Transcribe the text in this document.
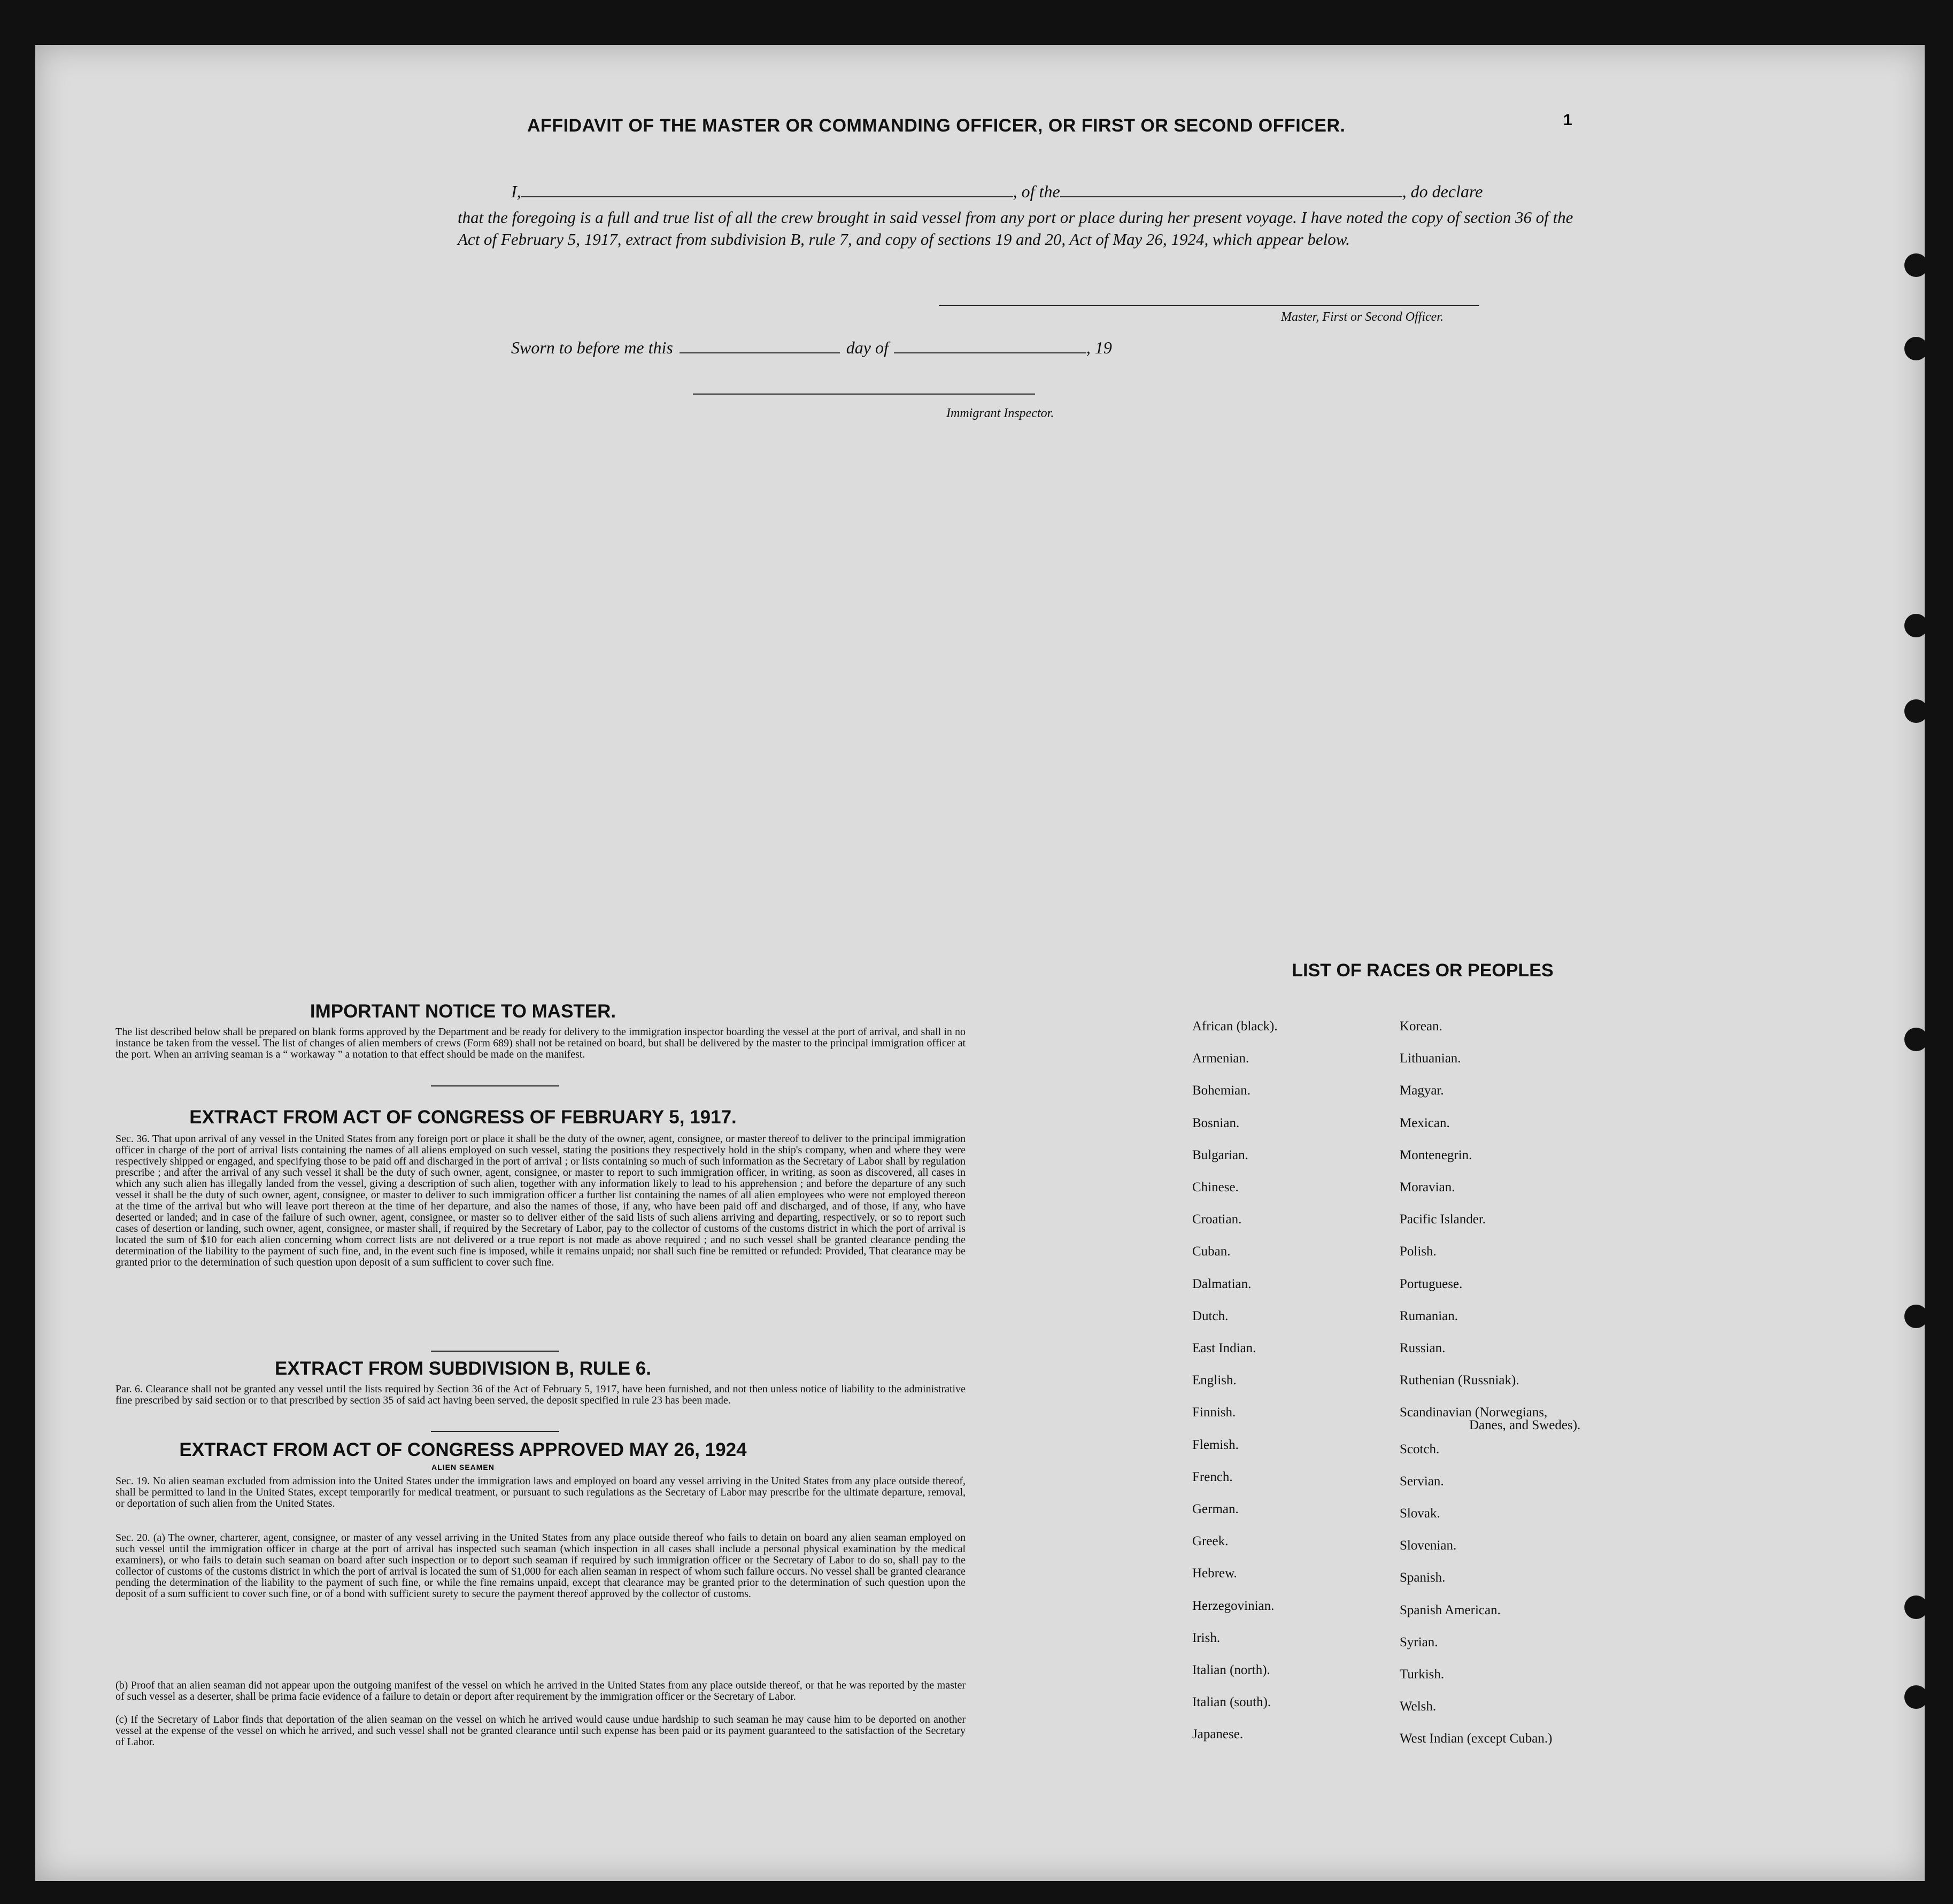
AFFIDAVIT OF THE MASTER OR COMMANDING OFFICER, OR FIRST OR SECOND OFFICER.	1
I,	, of the	, do declare
that the foregoing is a full and true list of all the crew brought in said vessel from any port or place during her present voyage. I have noted the copy of section 36 of the Act of February 5, 1917, extract from subdivision B, rule 7, and copy of sections 19 and 20, Act of May 26, 1924, which appear below.
Master, First or Second Officer.
Sworn to before me this	day of	, 19
Immigrant Inspector.
IMPORTANT NOTICE TO MASTER.
The list described below shall be prepared on blank forms approved by the Department and be ready for delivery to the immigration inspector boarding the vessel at the port of arrival, and shall in no instance be taken from the vessel. The list of changes of alien members of crews (Form 689) shall not be retained on board, but shall be delivered by the master to the principal immigration officer at the port. When an arriving seaman is a “ workaway ” a notation to that effect should be made on the manifest.
EXTRACT FROM ACT OF CONGRESS OF FEBRUARY 5, 1917.
Sec. 36. That upon arrival of any vessel in the United States from any foreign port or place it shall be the duty of the owner, agent, consignee, or master thereof to deliver to the principal immigration officer in charge of the port of arrival lists containing the names of all aliens employed on such vessel, stating the positions they respectively hold in the ship's company, when and where they were respectively shipped or engaged, and specifying those to be paid off and discharged in the port of arrival ; or lists containing so much of such information as the Secretary of Labor shall by regulation prescribe ; and after the arrival of any such vessel it shall be the duty of such owner, agent, consignee, or master to report to such immigration officer, in writing, as soon as discovered, all cases in which any such alien has illegally landed from the vessel, giving a description of such alien, together with any information likely to lead to his apprehension ; and before the departure of any such vessel it shall be the duty of such owner, agent, consignee, or master to deliver to such immigration officer a further list containing the names of all alien employees who were not employed thereon at the time of the arrival but who will leave port thereon at the time of her departure, and also the names of those, if any, who have been paid off and discharged, and of those, if any, who have deserted or landed; and in case of the failure of such owner, agent, consignee, or master so to deliver either of the said lists of such aliens arriving and departing, respectively, or so to report such cases of desertion or landing, such owner, agent, consignee, or master shall, if required by the Secretary of Labor, pay to the collector of customs of the customs district in which the port of arrival is located the sum of $10 for each alien concerning whom correct lists are not delivered or a true report is not made as above required ; and no such vessel shall be granted clearance pending the determination of the liability to the payment of such fine, and, in the event such fine is imposed, while it remains unpaid; nor shall such fine be remitted or refunded: Provided, That clearance may be granted prior to the determination of such question upon deposit of a sum sufficient to cover such fine.
EXTRACT FROM SUBDIVISION B, RULE 6.
Par. 6. Clearance shall not be granted any vessel until the lists required by Section 36 of the Act of February 5, 1917, have been furnished, and not then unless notice of liability to the administrative fine prescribed by said section or to that prescribed by section 35 of said act having been served, the deposit specified in rule 23 has been made.
EXTRACT FROM ACT OF CONGRESS APPROVED MAY 26, 1924
ALIEN SEAMEN
Sec. 19. No alien seaman excluded from admission into the United States under the immigration laws and employed on board any vessel arriving in the United States from any place outside thereof, shall be permitted to land in the United States, except temporarily for medical treatment, or pursuant to such regulations as the Secretary of Labor may prescribe for the ultimate departure, removal, or deportation of such alien from the United States.
Sec. 20. (a) The owner, charterer, agent, consignee, or master of any vessel arriving in the United States from any place outside thereof who fails to detain on board any alien seaman employed on such vessel until the immigration officer in charge at the port of arrival has inspected such seaman (which inspection in all cases shall include a personal physical examination by the medical examiners), or who fails to detain such seaman on board after such inspection or to deport such seaman if required by such immigration officer or the Secretary of Labor to do so, shall pay to the collector of customs of the customs district in which the port of arrival is located the sum of $1,000 for each alien seaman in respect of whom such failure occurs. No vessel shall be granted clearance pending the determination of the liability to the payment of such fine, or while the fine remains unpaid, except that clearance may be granted prior to the determination of such question upon the deposit of a sum sufficient to cover such fine, or of a bond with sufficient surety to secure the payment thereof approved by the collector of customs.
(b) Proof that an alien seaman did not appear upon the outgoing manifest of the vessel on which he arrived in the United States from any place outside thereof, or that he was reported by the master of such vessel as a deserter, shall be prima facie evidence of a failure to detain or deport after requirement by the immigration officer or the Secretary of Labor.
(c) If the Secretary of Labor finds that deportation of the alien seaman on the vessel on which he arrived would cause undue hardship to such seaman he may cause him to be deported on another vessel at the expense of the vessel on which he arrived, and such vessel shall not be granted clearance until such expense has been paid or its payment guaranteed to the satisfaction of the Secretary of Labor.
LIST OF RACES OR PEOPLES
African (black).
Armenian.
Bohemian.
Bosnian.
Bulgarian.
Chinese.
Croatian.
Cuban.
Dalmatian.
Dutch.
East Indian.
English.
Finnish.
Flemish.
French.
German.
Greek.
Hebrew.
Herzegovinian.
Irish.
Italian (north).
Italian (south).
Japanese.
Korean.
Lithuanian.
Magyar.
Mexican.
Montenegrin.
Moravian.
Pacific Islander.
Polish.
Portuguese.
Rumanian.
Russian.
Ruthenian (Russniak).
Scandinavian (Norwegians,
Scotch.
Servian.
Slovak.
Slovenian.
Spanish.
Spanish American.
Syrian.
Turkish.
Welsh.
West Indian (except Cuban.)
Danes, and Swedes).
